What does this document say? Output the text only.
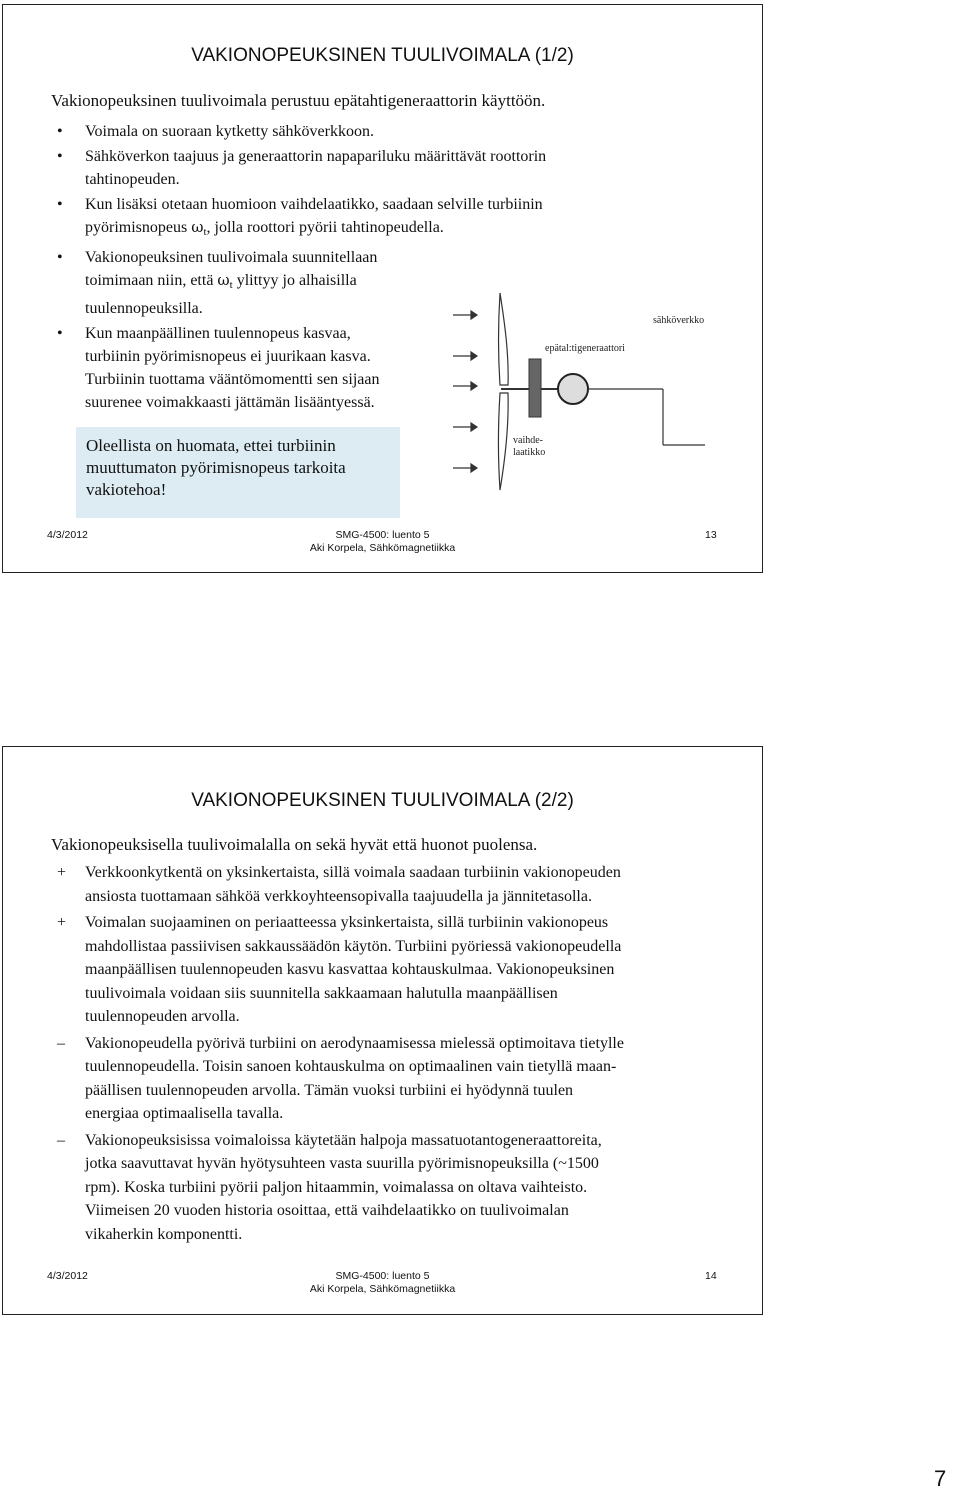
VAKIONOPEUKSINEN TUULIVOIMALA (1/2)
Vakionopeuksinen tuulivoimala perustuu epätahtigeneraattorin käyttöön.
• Voimala on suoraan kytketty sähköverkkoon.
• Sähköverkon taajuus ja generaattorin napapariluku määrittävät roottorin
tahtinopeuden.
• Kun lisäksi otetaan huomioon vaihdelaatikko, saadaan selville turbiinin
pyörimisnopeus $\omega_t$, jolla roottori pyörii tahtinopeudella.
• Vakionopeuksinen tuulivoimala suunnitellaan
toimimaan niin, että $\omega_t$ ylittyy jo alhaisilla
tuulennopeuksilla.
• Kun maanpäällinen tuulennopeus kasvaa,
turbiinin pyörimisnopeus ei juurikaan kasva.
Turbiinin tuottama vääntömomentti sen sijaan
suurenee voimakkaasti jättämän lisääntyessä.
Oleellista on huomata, ettei turbiinin
muuttumaton pyörimisnopeus tarkoita
vakiotehoa!
sähköverkko
epätal:tigeneraattori
vaihde-
laatikko
4/3/2012	SMG-4500: luento 5
Aki Korpela, Sähkömagnetiikka
13
VAKIONOPEUKSINEN TUULIVOIMALA (2/2)
Vakionopeuksisella tuulivoimalalla on sekä hyvät että huonot puolensa.
+ Verkkoonkytkentä on yksinkertaista, sillä voimala saadaan turbiinin vakionopeuden
ansiosta tuottamaan sähköä verkkoyhteensopivalla taajuudella ja jännitetasolla.
+ Voimalan suojaaminen on periaatteessa yksinkertaista, sillä turbiinin vakionopeus
mahdollistaa passiivisen sakkaussäädön käytön. Turbiini pyöriessä vakionopeudella
maanpäällisen tuulennopeuden kasvu kasvattaa kohtauskulmaa. Vakionopeuksinen
tuulivoimala voidaan siis suunnitella sakkaamaan halutulla maanpäällisen
tuulennopeuden arvolla.
– Vakionopeudella pyörivä turbiini on aerodynaamisessa mielessä optimoitava tietylle
tuulennopeudella. Toisin sanoen kohtauskulma on optimaalinen vain tietyllä maan-
päällisen tuulennopeuden arvolla. Tämän vuoksi turbiini ei hyödynnä tuulen
energiaa optimaalisella tavalla.
– Vakionopeuksisissa voimaloissa käytetään halpoja massatuotantogeneraattoreita,
jotka saavuttavat hyvän hyötysuhteen vasta suurilla pyörimisnopeuksilla (~1500
rpm). Koska turbiini pyörii paljon hitaammin, voimalassa on oltava vaihteisto.
Viimeisen 20 vuoden historia osoittaa, että vaihdelaatikko on tuulivoimalan
vikaherkin komponentti.
4/3/2012	SMG-4500: luento 5
Aki Korpela, Sähkömagnetiikka
14
7
